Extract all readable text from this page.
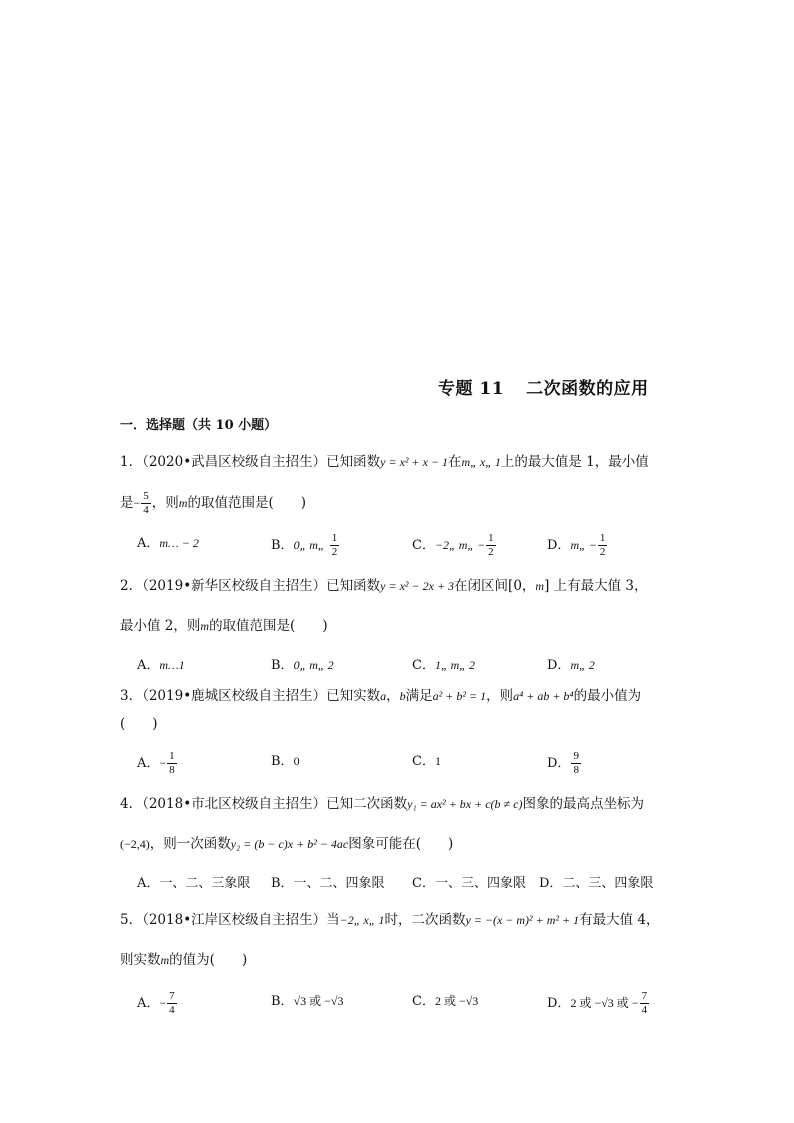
专题 11 二次函数的应用
一．选择题（共 10 小题）
1．（2020•武昌区校级自主招生）已知函数y = x² + x − 1在m„ x„ 1上的最大值是 1，最小值
是− $\frac{5}{4}$ ，则m的取值范围是(　　)
A．m… − 2	B．0„ m„ $\frac{1}{2}$	C．−2„ m„ − $\frac{1}{2}$	D．m„ − $\frac{1}{2}$
2．（2019•新华区校级自主招生）已知函数y = x² − 2x + 3在闭区间[0，m] 上有最大值 3，
最小值 2，则m的取值范围是(　　)
A．m…1	B．0„ m„ 2	C．1„ m„ 2	D．m„ 2
3．（2019•鹿城区校级自主招生）已知实数a，b满足a² + b² = 1，则a⁴ + ab + b⁴的最小值为
(　　)
A．− $\frac{1}{8}$	B．0	C．1	D． $\frac{9}{8}$
4．（2018•市北区校级自主招生）已知二次函数y₁ = ax² + bx + c(b ≠ c)图象的最高点坐标为
(−2,4)，则一次函数y₂ = (b − c)x + b² − 4ac图象可能在(　　)
A．一、二、三象限 B．一、二、四象限 C．一、三、四象限 D．二、三、四象限
5．（2018•江岸区校级自主招生）当−2„ x„ 1时，二次函数y = −(x − m)² + m² + 1有最大值 4，
则实数m的值为(　　)
A．− $\frac{7}{4}$	B．√3 或 −√3	C．2 或 −√3	D．2 或 −√3 或 − $\frac{7}{4}$
